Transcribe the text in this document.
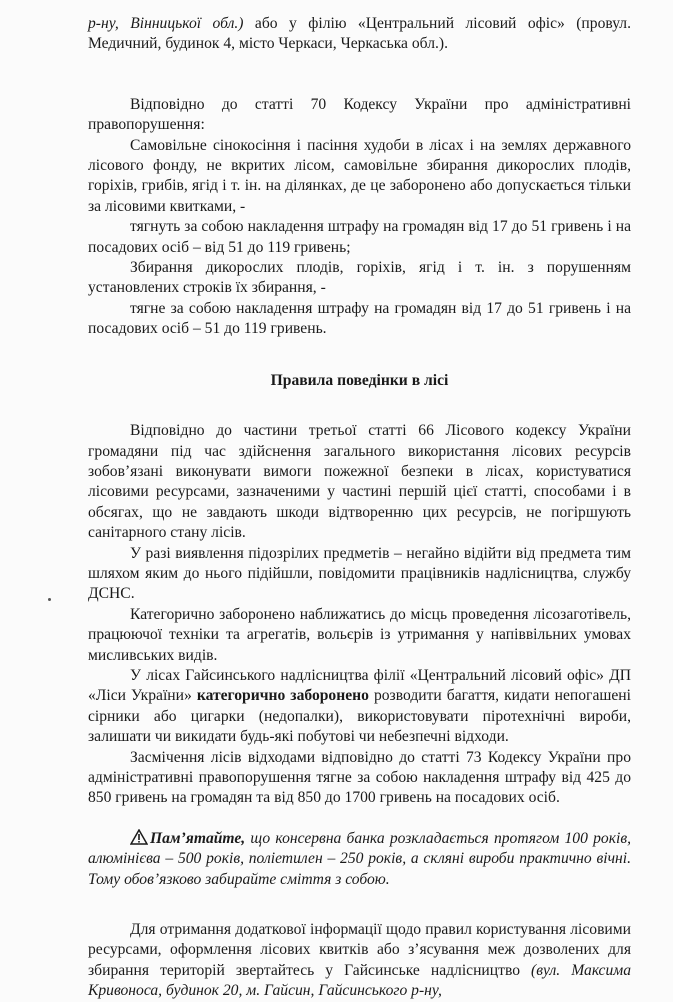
р-ну, Вінницької обл.) або у філію «Центральний лісовий офіс» (провул. Медичний, будинок 4, місто Черкаси, Черкаська обл.).

Відповідно до статті 70 Кодексу України про адміністративні правопорушення:

Самовільне сінокосіння і пасіння худоби в лісах і на землях державного лісового фонду, не вкритих лісом, самовільне збирання дикорослих плодів, горіхів, грибів, ягід і т. ін. на ділянках, де це заборонено або допускається тільки за лісовими квитками, -

тягнуть за собою накладення штрафу на громадян від 17 до 51 гривень і на посадових осіб – від 51 до 119 гривень;

Збирання дикорослих плодів, горіхів, ягід і т. ін. з порушенням установлених строків їх збирання, -

тягне за собою накладення штрафу на громадян від 17 до 51 гривень і на посадових осіб – 51 до 119 гривень.

Правила поведінки в лісі

Відповідно до частини третьої статті 66 Лісового кодексу України громадяни під час здійснення загального використання лісових ресурсів зобов’язані виконувати вимоги пожежної безпеки в лісах, користуватися лісовими ресурсами, зазначеними у частині першій цієї статті, способами і в обсягах, що не завдають шкоди відтворенню цих ресурсів, не погіршують санітарного стану лісів.

У разі виявлення підозрілих предметів – негайно відійти від предмета тим шляхом яким до нього підійшли, повідомити працівників надлісництва, службу ДСНС.

Категорично заборонено наближатись до місць проведення лісозаготівель, працюючої техніки та агрегатів, вольєрів із утримання у напіввільних умовах мисливських видів.

У лісах Гайсинського надлісництва філії «Центральний лісовий офіс» ДП «Ліси України» категорично заборонено розводити багаття, кидати непогашені сірники або цигарки (недопалки), використовувати піротехнічні вироби, залишати чи викидати будь-які побутові чи небезпечні відходи.

Засмічення лісів відходами відповідно до статті 73 Кодексу України про адміністративні правопорушення тягне за собою накладення штрафу від 425 до 850 гривень на громадян та від 850 до 1700 гривень на посадових осіб.

Пам’ятайте, що консервна банка розкладається протягом 100 років, алюмінієва – 500 років, поліетилен – 250 років, а скляні вироби практично вічні. Тому обов’язково забирайте сміття з собою.

Для отримання додаткової інформації щодо правил користування лісовими ресурсами, оформлення лісових квитків або з’ясування меж дозволених для збирання територій звертайтесь у Гайсинське надлісництво (вул. Максима Кривоноса, будинок 20, м. Гайсин, Гайсинського р-ну,
